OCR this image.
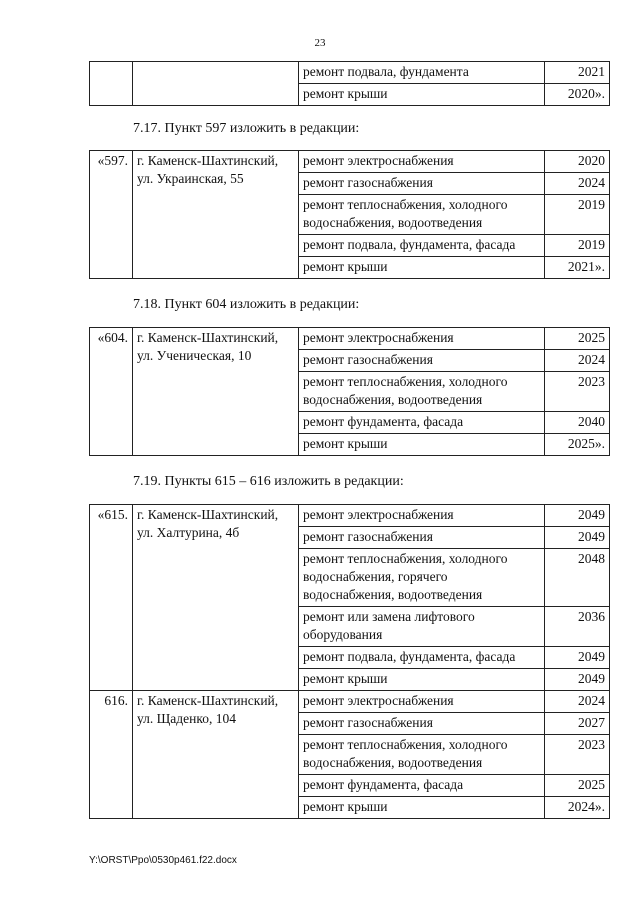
23
		ремонт подвала, фундамента	2021
		ремонт крыши	2020».
7.17. Пункт 597 изложить в редакции:
«597.	г. Каменск-Шахтинский, ул. Украинская, 55	ремонт электроснабжения	2020
		ремонт газоснабжения	2024
		ремонт теплоснабжения, холодного водоснабжения, водоотведения	2019
		ремонт подвала, фундамента, фасада	2019
		ремонт крыши	2021».
7.18. Пункт 604 изложить в редакции:
«604.	г. Каменск-Шахтинский, ул. Ученическая, 10	ремонт электроснабжения	2025
		ремонт газоснабжения	2024
		ремонт теплоснабжения, холодного водоснабжения, водоотведения	2023
		ремонт фундамента, фасада	2040
		ремонт крыши	2025».
7.19. Пункты 615 – 616 изложить в редакции:
«615.	г. Каменск-Шахтинский, ул. Халтурина, 4б	ремонт электроснабжения	2049
		ремонт газоснабжения	2049
		ремонт теплоснабжения, холодного водоснабжения, горячего водоснабжения, водоотведения	2048
		ремонт или замена лифтового оборудования	2036
		ремонт подвала, фундамента, фасада	2049
		ремонт крыши	2049
616.	г. Каменск-Шахтинский, ул. Щаденко, 104	ремонт электроснабжения	2024
		ремонт газоснабжения	2027
		ремонт теплоснабжения, холодного водоснабжения, водоотведения	2023
		ремонт фундамента, фасада	2025
		ремонт крыши	2024».
Y:\ORST\Ppo\0530p461.f22.docx
